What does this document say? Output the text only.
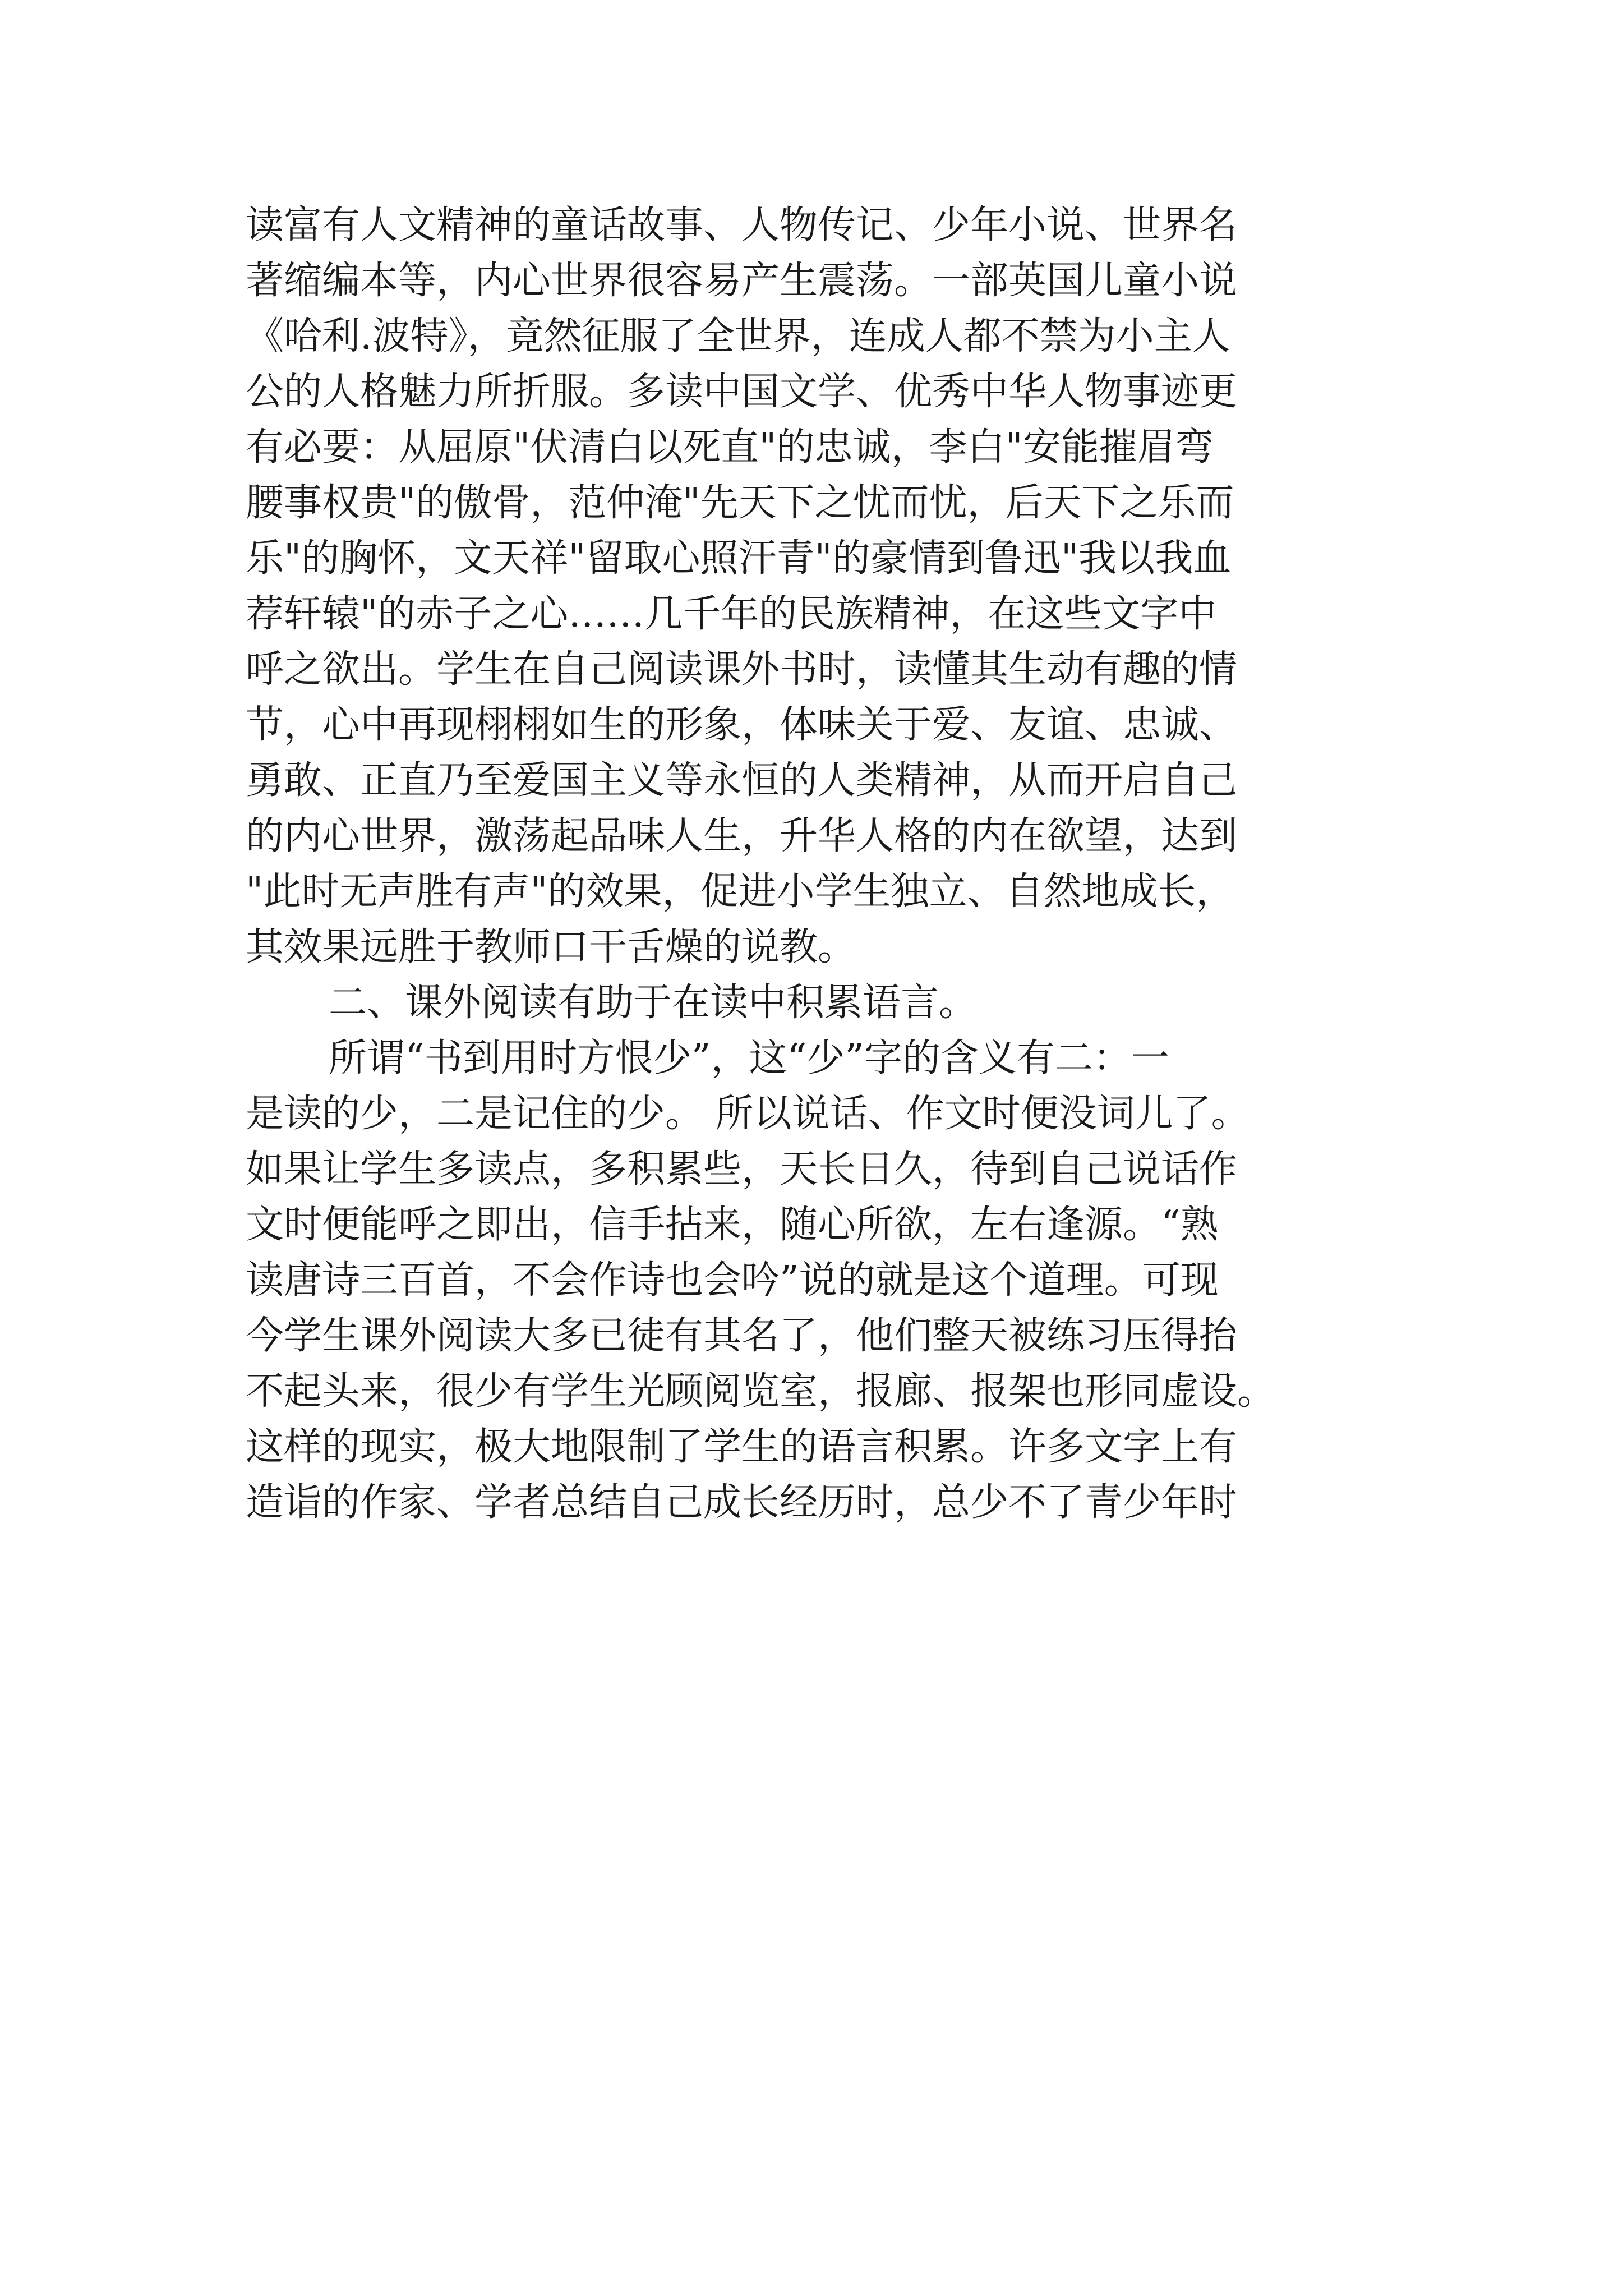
读富有人文精神的童话故事、人物传记、少年小说、世界名
著缩编本等，内心世界很容易产生震荡。一部英国儿童小说
《哈利.波特》，竟然征服了全世界，连成人都不禁为小主人
公的人格魅力所折服。多读中国文学、优秀中华人物事迹更
有必要：从屈原"伏清白以死直"的忠诚，李白"安能摧眉弯
腰事权贵"的傲骨，范仲淹"先天下之忧而忧，后天下之乐而
乐"的胸怀，文天祥"留取心照汗青"的豪情到鲁迅"我以我血
荐轩辕"的赤子之心……几千年的民族精神，在这些文字中
呼之欲出。学生在自己阅读课外书时，读懂其生动有趣的情
节，心中再现栩栩如生的形象，体味关于爱、友谊、忠诚、
勇敢、正直乃至爱国主义等永恒的人类精神，从而开启自己
的内心世界，激荡起品味人生，升华人格的内在欲望，达到
"此时无声胜有声"的效果，促进小学生独立、自然地成长，
其效果远胜于教师口干舌燥的说教。
二、课外阅读有助于在读中积累语言。
所谓“书到用时方恨少”，这“少”字的含义有二：一
是读的少，二是记住的少。 所以说话、作文时便没词儿了。
如果让学生多读点，多积累些，天长日久，待到自己说话作
文时便能呼之即出，信手拈来，随心所欲，左右逢源。“熟
读唐诗三百首，不会作诗也会吟”说的就是这个道理。可现
今学生课外阅读大多已徒有其名了，他们整天被练习压得抬
不起头来，很少有学生光顾阅览室，报廊、报架也形同虚设。
这样的现实，极大地限制了学生的语言积累。许多文字上有
造诣的作家、学者总结自己成长经历时，总少不了青少年时
